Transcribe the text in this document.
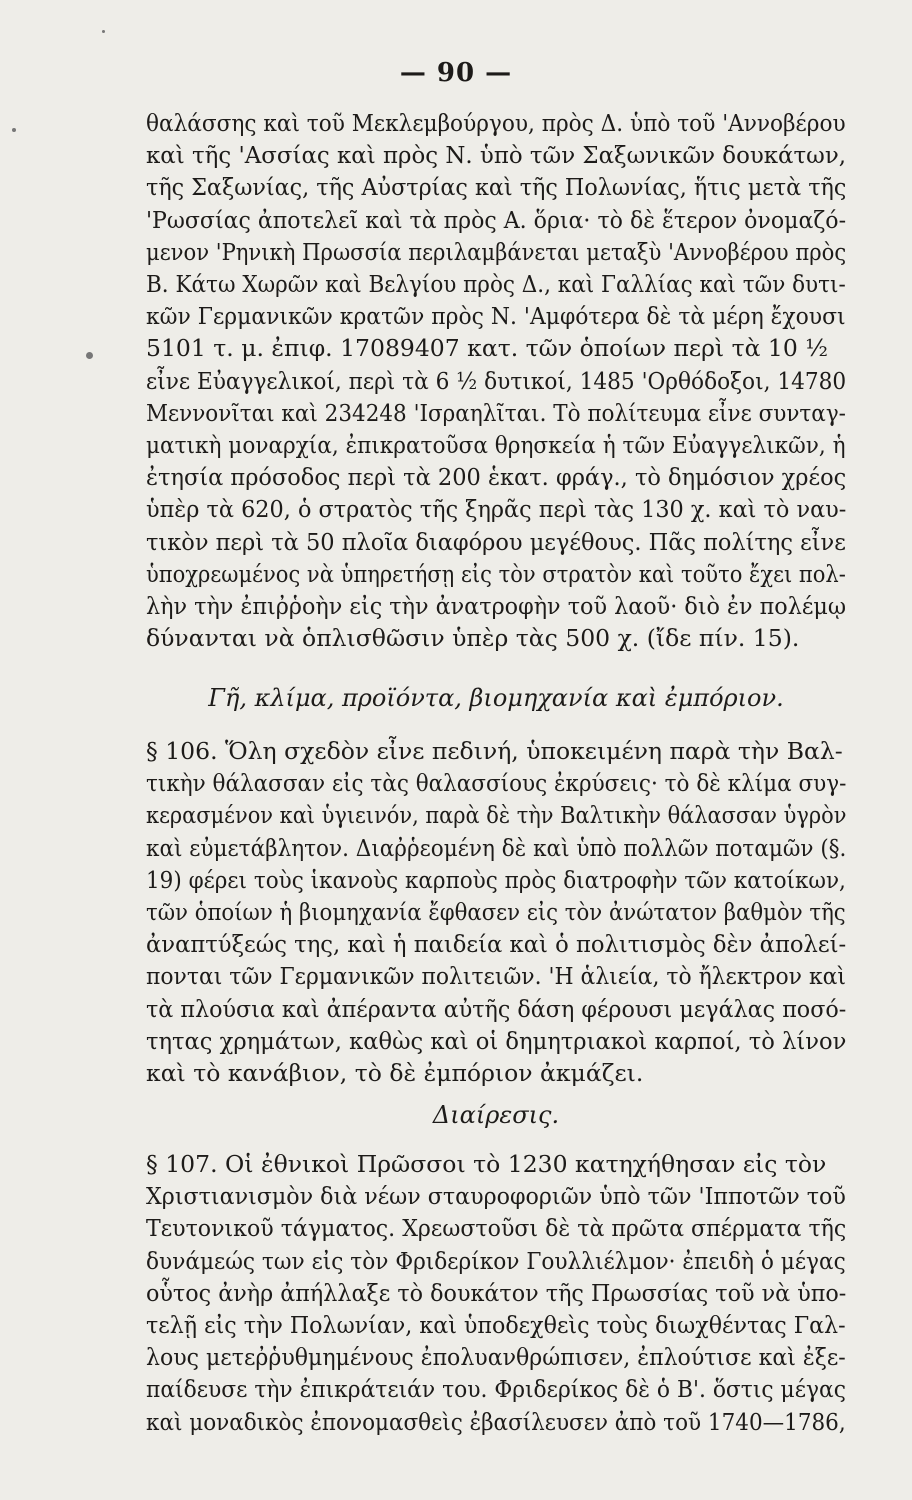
— 90 —
θαλάσσης καὶ τοῦ Μεκλεμβούργου, πρὸς Δ. ὑπὸ τοῦ 'Αννοβέρου
καὶ τῆς 'Ασσίας καὶ πρὸς Ν. ὑπὸ τῶν Σαξωνικῶν δουκάτων,
τῆς Σαξωνίας, τῆς Αὐστρίας καὶ τῆς Πολωνίας, ἥτις μετὰ τῆς
'Ρωσσίας ἀποτελεῖ καὶ τὰ πρὸς Α. ὅρια· τὸ δὲ ἕτερον ὀνομαζό-
μενον 'Ρηνικὴ Πρωσσία περιλαμβάνεται μεταξὺ 'Αννοβέρου πρὸς
Β. Κάτω Χωρῶν καὶ Βελγίου πρὸς Δ., καὶ Γαλλίας καὶ τῶν δυτι-
κῶν Γερμανικῶν κρατῶν πρὸς Ν. 'Αμφότερα δὲ τὰ μέρη ἔχουσι
5101 τ. μ. ἐπιφ. 17089407 κατ. τῶν ὁποίων περὶ τὰ 10 ½
εἶνε Εὐαγγελικοί, περὶ τὰ 6 ½ δυτικοί, 1485 'Ορθόδοξοι, 14780
Μεννονῖται καὶ 234248 'Ισραηλῖται. Τὸ πολίτευμα εἶνε συνταγ-
ματικὴ μοναρχία, ἐπικρατοῦσα θρησκεία ἡ τῶν Εὐαγγελικῶν, ἡ
ἐτησία πρόσοδος περὶ τὰ 200 ἑκατ. φράγ., τὸ δημόσιον χρέος
ὑπὲρ τὰ 620, ὁ στρατὸς τῆς ξηρᾶς περὶ τὰς 130 χ. καὶ τὸ ναυ-
τικὸν περὶ τὰ 50 πλοῖα διαφόρου μεγέθους. Πᾶς πολίτης εἶνε
ὑποχρεωμένος νὰ ὑπηρετήσῃ εἰς τὸν στρατὸν καὶ τοῦτο ἔχει πολ-
λὴν τὴν ἐπιῤῥοὴν εἰς τὴν ἀνατροφὴν τοῦ λαοῦ· διὸ ἐν πολέμῳ
δύνανται νὰ ὁπλισθῶσιν ὑπὲρ τὰς 500 χ. (ἴδε πίν. 15).
Γῆ, κλίμα, προϊόντα, βιομηχανία καὶ ἐμπόριον.
§ 106. Ὅλη σχεδὸν εἶνε πεδινή, ὑποκειμένη παρὰ τὴν Βαλ-
τικὴν θάλασσαν εἰς τὰς θαλασσίους ἐκρύσεις· τὸ δὲ κλίμα συγ-
κερασμένον καὶ ὑγιεινόν, παρὰ δὲ τὴν Βαλτικὴν θάλασσαν ὑγρὸν
καὶ εὐμετάβλητον. Διαῤῥεομένη δὲ καὶ ὑπὸ πολλῶν ποταμῶν (§.
19) φέρει τοὺς ἱκανοὺς καρποὺς πρὸς διατροφὴν τῶν κατοίκων,
τῶν ὁποίων ἡ βιομηχανία ἔφθασεν εἰς τὸν ἀνώτατον βαθμὸν τῆς
ἀναπτύξεώς της, καὶ ἡ παιδεία καὶ ὁ πολιτισμὸς δὲν ἀπολεί-
πονται τῶν Γερμανικῶν πολιτειῶν. 'Η ἁλιεία, τὸ ἤλεκτρον καὶ
τὰ πλούσια καὶ ἀπέραντα αὐτῆς δάση φέρουσι μεγάλας ποσό-
τητας χρημάτων, καθὼς καὶ οἱ δημητριακοὶ καρποί, τὸ λίνον
καὶ τὸ κανάβιον, τὸ δὲ ἐμπόριον ἀκμάζει.
Διαίρεσις.
§ 107. Οἱ ἐθνικοὶ Πρῶσσοι τὸ 1230 κατηχήθησαν εἰς τὸν
Χριστιανισμὸν διὰ νέων σταυροφοριῶν ὑπὸ τῶν 'Ιπποτῶν τοῦ
Τευτονικοῦ τάγματος. Χρεωστοῦσι δὲ τὰ πρῶτα σπέρματα τῆς
δυνάμεώς των εἰς τὸν Φριδερίκον Γουλλιέλμον· ἐπειδὴ ὁ μέγας
οὗτος ἀνὴρ ἀπήλλαξε τὸ δουκάτον τῆς Πρωσσίας τοῦ νὰ ὑπο-
τελῇ εἰς τὴν Πολωνίαν, καὶ ὑποδεχθεὶς τοὺς διωχθέντας Γαλ-
λους μετεῤῥυθμημένους ἐπολυανθρώπισεν, ἐπλούτισε καὶ ἐξε-
παίδευσε τὴν ἐπικράτειάν του. Φριδερίκος δὲ ὁ Β'. ὅστις μέγας
καὶ μοναδικὸς ἐπονομασθεὶς ἐβασίλευσεν ἀπὸ τοῦ 1740—1786,
